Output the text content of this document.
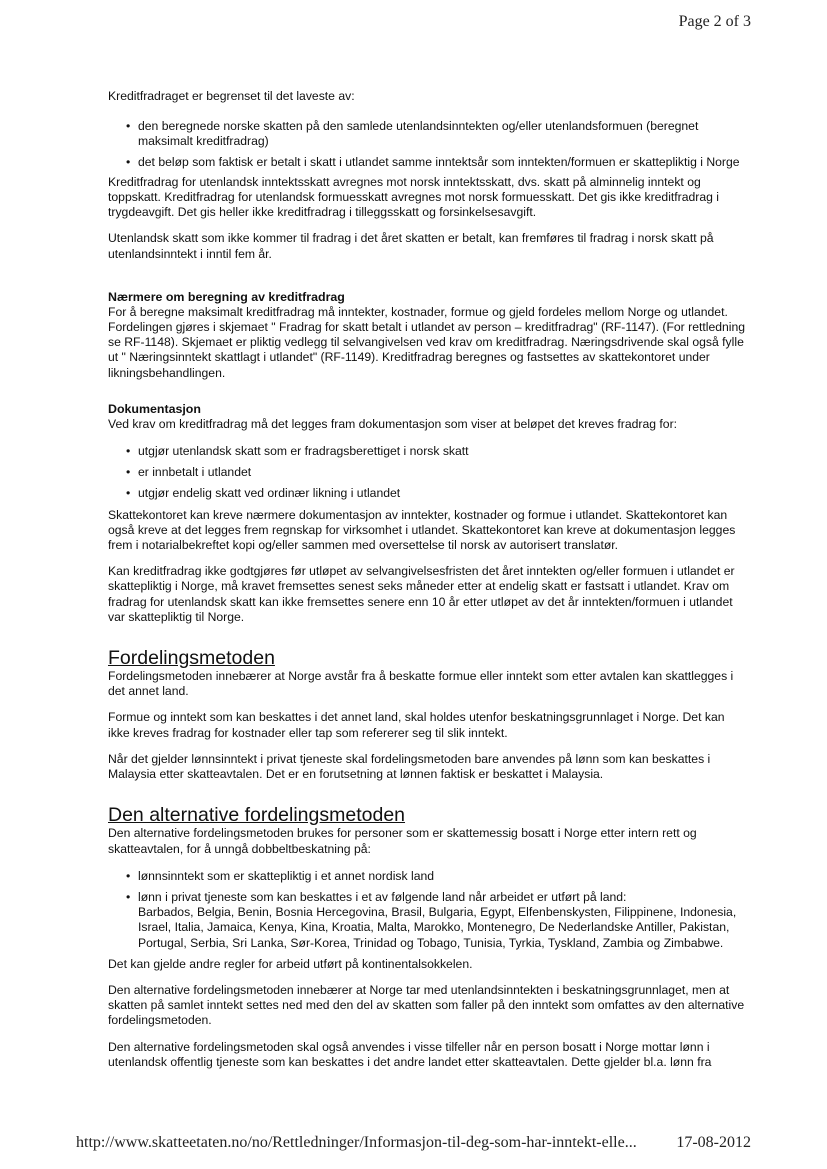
Page 2 of 3

Kreditfradraget er begrenset til det laveste av:

• den beregnede norske skatten på den samlede utenlandsinntekten og/eller utenlandsformuen (beregnet maksimalt kreditfradrag)
• det beløp som faktisk er betalt i skatt i utlandet samme inntektsår som inntekten/formuen er skattepliktig i Norge

Kreditfradrag for utenlandsk inntektsskatt avregnes mot norsk inntektsskatt, dvs. skatt på alminnelig inntekt og toppskatt. Kreditfradrag for utenlandsk formuesskatt avregnes mot norsk formuesskatt. Det gis ikke kreditfradrag i trygdeavgift. Det gis heller ikke kreditfradrag i tilleggsskatt og forsinkelsesavgift.

Utenlandsk skatt som ikke kommer til fradrag i det året skatten er betalt, kan fremføres til fradrag i norsk skatt på utenlandsinntekt i inntil fem år.

Nærmere om beregning av kreditfradrag

For å beregne maksimalt kreditfradrag må inntekter, kostnader, formue og gjeld fordeles mellom Norge og utlandet. Fordelingen gjøres i skjemaet " Fradrag for skatt betalt i utlandet av person – kreditfradrag" (RF-1147). (For rettledning se RF-1148). Skjemaet er pliktig vedlegg til selvangivelsen ved krav om kreditfradrag. Næringsdrivende skal også fylle ut " Næringsinntekt skattlagt i utlandet" (RF-1149). Kreditfradrag beregnes og fastsettes av skattekontoret under likningsbehandlingen.

Dokumentasjon

Ved krav om kreditfradrag må det legges fram dokumentasjon som viser at beløpet det kreves fradrag for:

• utgjør utenlandsk skatt som er fradragsberettiget i norsk skatt
• er innbetalt i utlandet
• utgjør endelig skatt ved ordinær likning i utlandet

Skattekontoret kan kreve nærmere dokumentasjon av inntekter, kostnader og formue i utlandet. Skattekontoret kan også kreve at det legges frem regnskap for virksomhet i utlandet. Skattekontoret kan kreve at dokumentasjon legges frem i notarialbekreftet kopi og/eller sammen med oversettelse til norsk av autorisert translatør.

Kan kreditfradrag ikke godtgjøres før utløpet av selvangivelsesfristen det året inntekten og/eller formuen i utlandet er skattepliktig i Norge, må kravet fremsettes senest seks måneder etter at endelig skatt er fastsatt i utlandet. Krav om fradrag for utenlandsk skatt kan ikke fremsettes senere enn 10 år etter utløpet av det år inntekten/formuen i utlandet var skattepliktig til Norge.

Fordelingsmetoden

Fordelingsmetoden innebærer at Norge avstår fra å beskatte formue eller inntekt som etter avtalen kan skattlegges i det annet land.

Formue og inntekt som kan beskattes i det annet land, skal holdes utenfor beskatningsgrunnlaget i Norge. Det kan ikke kreves fradrag for kostnader eller tap som refererer seg til slik inntekt.

Når det gjelder lønnsinntekt i privat tjeneste skal fordelingsmetoden bare anvendes på lønn som kan beskattes i Malaysia etter skatteavtalen. Det er en forutsetning at lønnen faktisk er beskattet i Malaysia.

Den alternative fordelingsmetoden

Den alternative fordelingsmetoden brukes for personer som er skattemessig bosatt i Norge etter intern rett og skatteavtalen, for å unngå dobbeltbeskatning på:

• lønnsinntekt som er skattepliktig i et annet nordisk land
• lønn i privat tjeneste som kan beskattes i et av følgende land når arbeidet er utført på land:
Barbados, Belgia, Benin, Bosnia Hercegovina, Brasil, Bulgaria, Egypt, Elfenbenskysten, Filippinene, Indonesia, Israel, Italia, Jamaica, Kenya, Kina, Kroatia, Malta, Marokko, Montenegro, De Nederlandske Antiller, Pakistan, Portugal, Serbia, Sri Lanka, Sør-Korea, Trinidad og Tobago, Tunisia, Tyrkia, Tyskland, Zambia og Zimbabwe.

Det kan gjelde andre regler for arbeid utført på kontinentalsokkelen.

Den alternative fordelingsmetoden innebærer at Norge tar med utenlandsinntekten i beskatningsgrunnlaget, men at skatten på samlet inntekt settes ned med den del av skatten som faller på den inntekt som omfattes av den alternative fordelingsmetoden.

Den alternative fordelingsmetoden skal også anvendes i visse tilfeller når en person bosatt i Norge mottar lønn i utenlandsk offentlig tjeneste som kan beskattes i det andre landet etter skatteavtalen. Dette gjelder bl.a. lønn fra

http://www.skatteetaten.no/no/Rettledninger/Informasjon-til-deg-som-har-inntekt-elle... 17-08-2012
